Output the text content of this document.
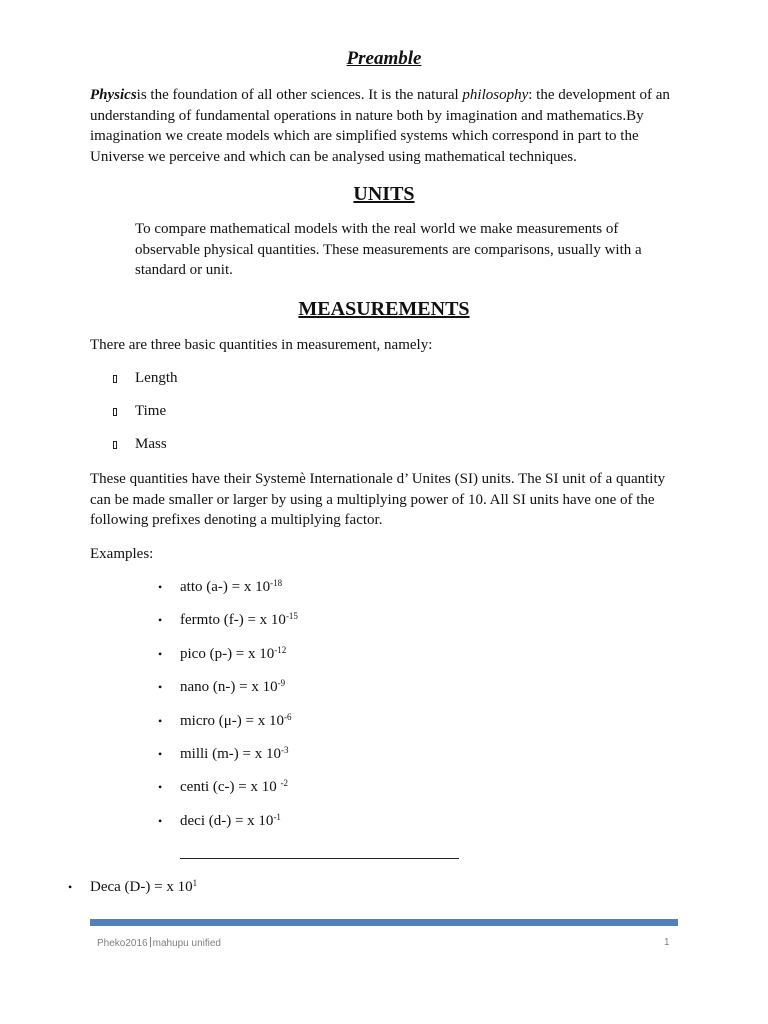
Preamble

Physicsis the foundation of all other sciences. It is the natural philosophy: the development of an understanding of fundamental operations in nature both by imagination and mathematics.By imagination we create models which are simplified systems which correspond in part to the Universe we perceive and which can be analysed using mathematical techniques.

UNITS

To compare mathematical models with the real world we make measurements of observable physical quantities. These measurements are comparisons, usually with a standard or unit.

MEASUREMENTS

There are three basic quantities in measurement, namely:

Length
Time
Mass

These quantities have their Systemè Internationale d’ Unites (SI) units. The SI unit of a quantity can be made smaller or larger by using a multiplying power of 10. All SI units have one of the following prefixes denoting a multiplying factor.

Examples:

• atto (a-) = x $10^{-18}$
• fermto (f-) = x $10^{-15}$
• pico (p-) = x $10^{-12}$
• nano (n-) = x $10^{-9}$
• micro (μ-) = x $10^{-6}$
• milli (m-) = x $10^{-3}$
• centi (c-) = x 10 $^{-2}$
• deci (d-) = x $10^{-1}$
• Deca (D-) = x $10^1$
Pheko2016 mahupu unified	1
